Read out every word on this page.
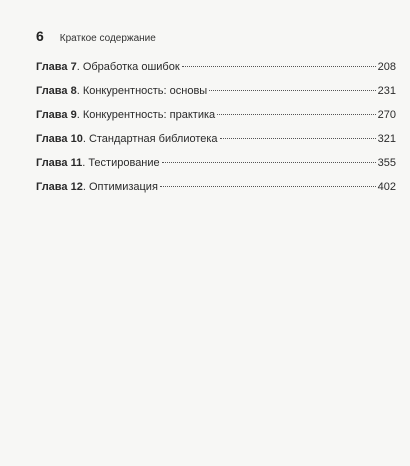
6 Краткое содержание
Глава 7 . Обработка ошибок	208
Глава 8 . Конкурентность: основы	231
Глава 9 . Конкурентность: практика	270
Глава 10 . Стандартная библиотека	321
Глава 11 . Тестирование	355
Глава 12 . Оптимизация	402
